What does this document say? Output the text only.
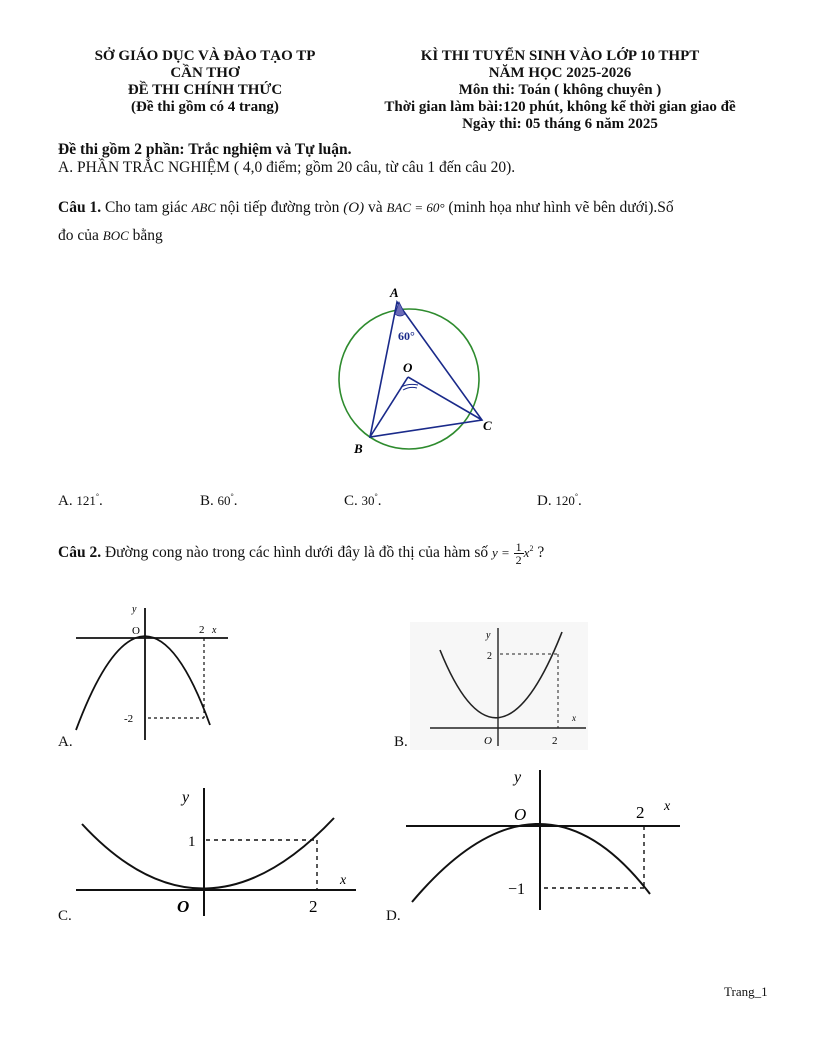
SỞ GIÁO DỤC VÀ ĐÀO TẠO TP
CẦN THƠ
ĐỀ THI CHÍNH THỨC
(Đề thi gồm có 4 trang)
KÌ THI TUYỂN SINH VÀO LỚP 10 THPT
NĂM HỌC 2025-2026
Môn thi: Toán ( không chuyên )
Thời gian làm bài:120 phút, không kể thời gian giao đề
Ngày thi: 05 tháng 6 năm 2025
Đề thi gồm 2 phần: Trắc nghiệm và Tự luận.
A. PHẦN TRẮC NGHIỆM ( 4,0 điểm; gồm 20 câu, từ câu 1 đến câu 20).
Câu 1. Cho tam giác ABC nội tiếp đường tròn (O) và BAC = 60° (minh họa như hình vẽ bên dưới).Số
đo của BOC bằng
A
B
C
O
60°
A. 121°.	B. 60°.	C. 30°.	D. 120°.
Câu 2. Đường cong nào trong các hình dưới đây là đồ thị của hàm số $y = \frac{1}{2} x^2$ ?
y
O	2 x
-2
A.
y
2
O	2
x
B.
y
1
O	2
x
C.
y
O	2 x
−1
D.
Trang_1
